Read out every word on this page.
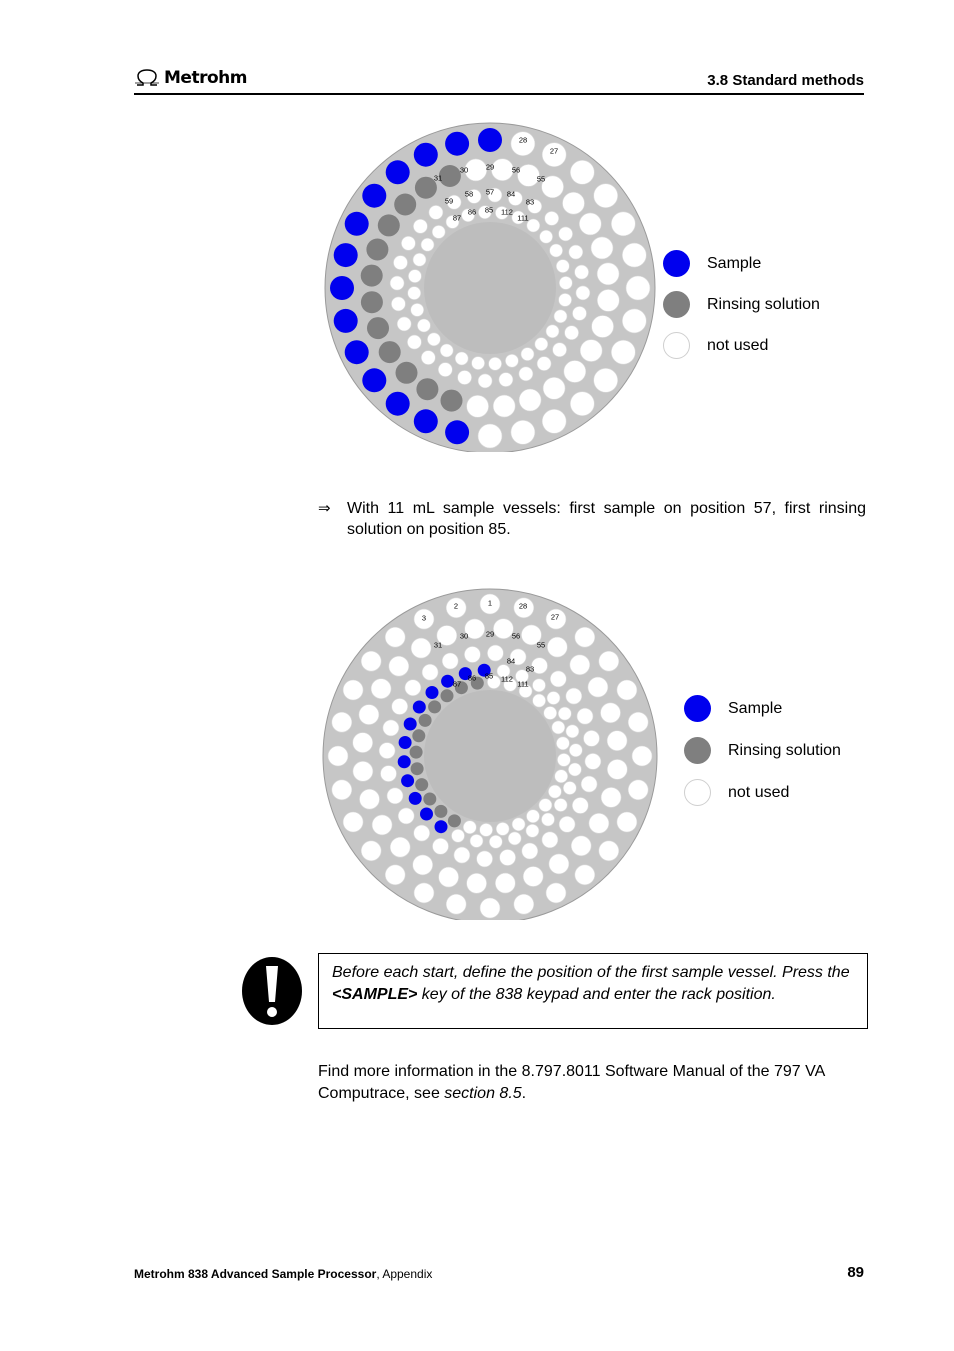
Metrohm	3.8 Standard methods
28
27
56
55
31
30 29
58 57 84
83
59
86 85 112
87	111
Sample
Rinsing solution
not used
⇒ With 11 mL sample vessels: first sample on position 57, first rinsing solution on position 85.
2	1	28
3	27
31
30 29 56
55
84
83
87
86 85 112
111
Sample
Rinsing solution
not used
Before each start, define the position of the first sample vessel. Press the <SAMPLE> key of the 838 keypad and enter the rack position.
Find more information in the 8.797.8011 Software Manual of the 797 VA Computrace, see section 8.5.
Metrohm 838 Advanced Sample Processor, Appendix	89
